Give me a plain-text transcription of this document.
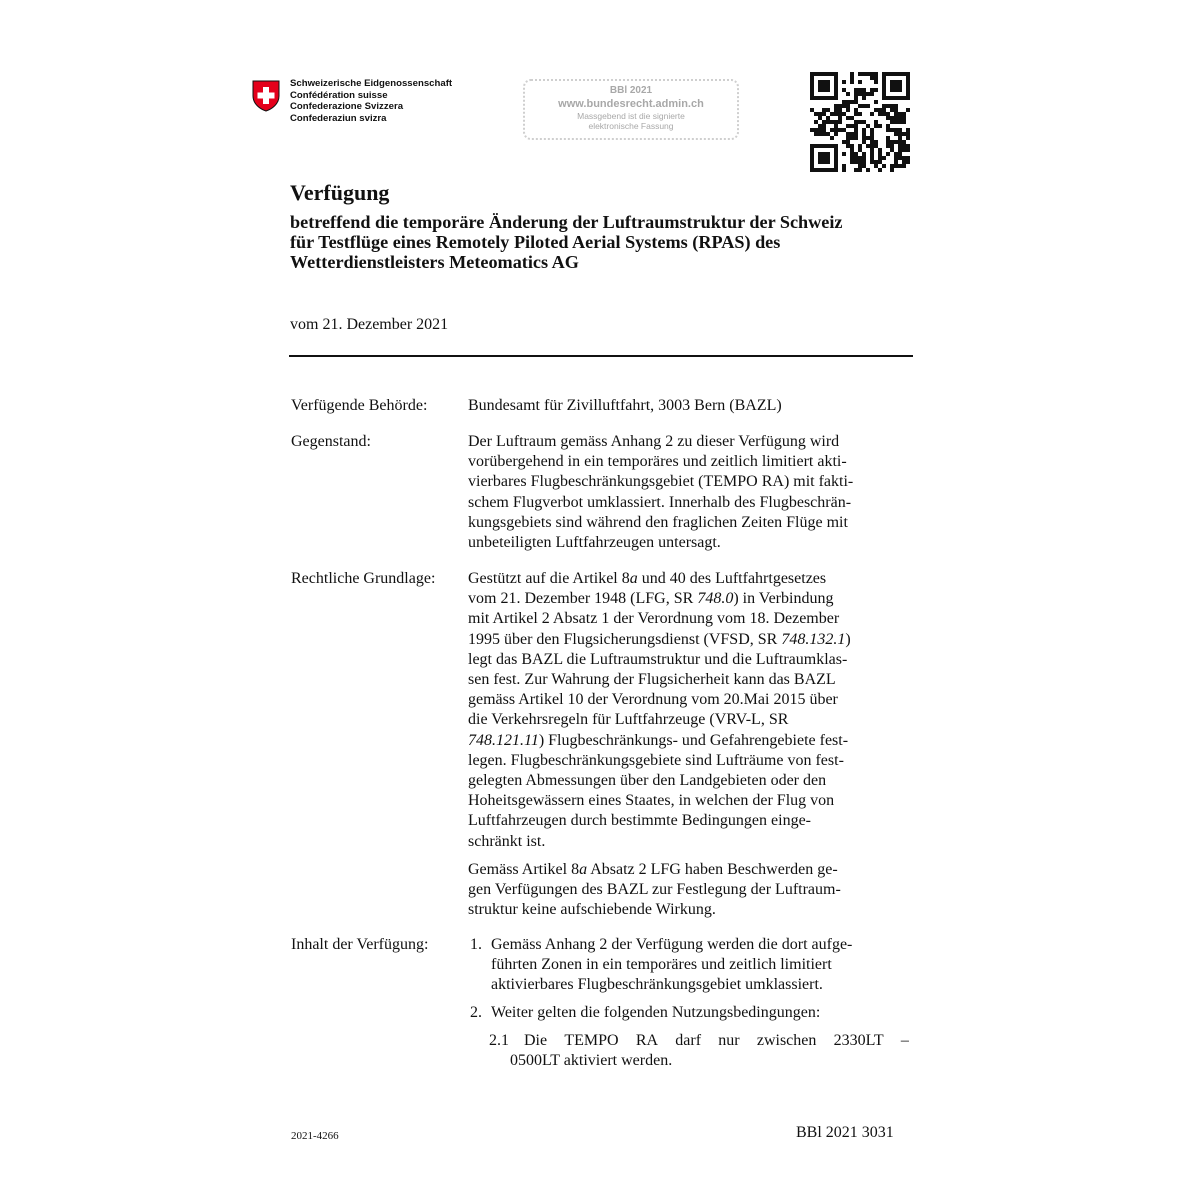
Schweizerische Eidgenossenschaft
Confédération suisse
Confederazione Svizzera
Confederaziun svizra
BBl 2021
www.bundesrecht.admin.ch
Massgebend ist die signierte
elektronische Fassung
Verfügung
betreffend die temporäre Änderung der Luftraumstruktur der Schweiz
für Testflüge eines Remotely Piloted Aerial Systems (RPAS) des
Wetterdienstleisters Meteomatics AG
vom 21. Dezember 2021
Verfügende Behörde:	Bundesamt für Zivilluftfahrt, 3003 Bern (BAZL)
Gegenstand:	Der Luftraum gemäss Anhang 2 zu dieser Verfügung wird
vorübergehend in ein temporäres und zeitlich limitiert akti-
vierbares Flugbeschränkungsgebiet (TEMPO RA) mit fakti-
schem Flugverbot umklassiert. Innerhalb des Flugbeschrän-
kungsgebiets sind während den fraglichen Zeiten Flüge mit
unbeteiligten Luftfahrzeugen untersagt.
Rechtliche Grundlage: Gestützt auf die Artikel 8a und 40 des Luftfahrtgesetzes
vom 21. Dezember 1948 (LFG, SR 748.0) in Verbindung
mit Artikel 2 Absatz 1 der Verordnung vom 18. Dezember
1995 über den Flugsicherungsdienst (VFSD, SR 748.132.1)
legt das BAZL die Luftraumstruktur und die Luftraumklas-
sen fest. Zur Wahrung der Flugsicherheit kann das BAZL
gemäss Artikel 10 der Verordnung vom 20.Mai 2015 über
die Verkehrsregeln für Luftfahrzeuge (VRV-L, SR
748.121.11) Flugbeschränkungs- und Gefahrengebiete fest-
legen. Flugbeschränkungsgebiete sind Lufträume von fest-
gelegten Abmessungen über den Landgebieten oder den
Hoheitsgewässern eines Staates, in welchen der Flug von
Luftfahrzeugen durch bestimmte Bedingungen einge-
schränkt ist.
Gemäss Artikel 8a Absatz 2 LFG haben Beschwerden ge-
gen Verfügungen des BAZL zur Festlegung der Luftraum-
struktur keine aufschiebende Wirkung.
Inhalt der Verfügung:	1. Gemäss Anhang 2 der Verfügung werden die dort aufge-
führten Zonen in ein temporäres und zeitlich limitiert
aktivierbares Flugbeschränkungsgebiet umklassiert.
2. Weiter gelten die folgenden Nutzungsbedingungen:
2.1 Die TEMPO RA darf nur zwischen 2330LT –
0500LT aktiviert werden.
2021-4266	BBl 2021 3031
